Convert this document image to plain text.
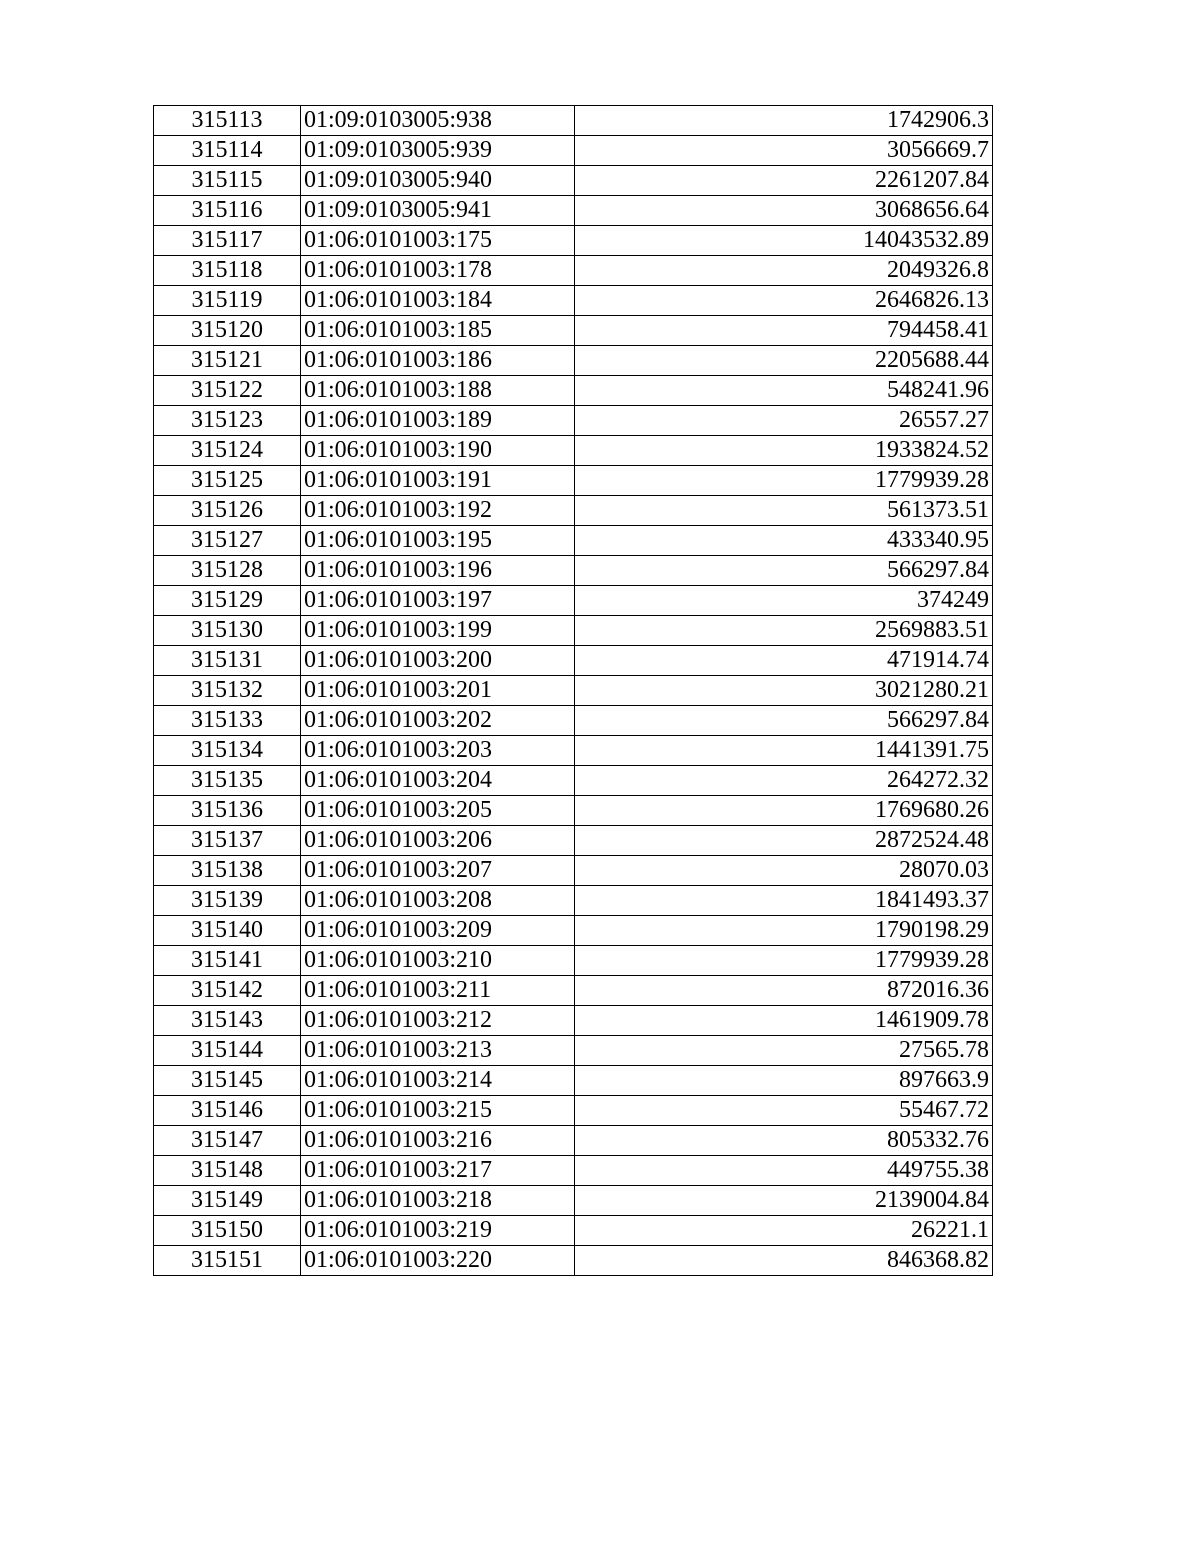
315113	01:09:0103005:938	1742906.3
315114	01:09:0103005:939	3056669.7
315115	01:09:0103005:940	2261207.84
315116	01:09:0103005:941	3068656.64
315117	01:06:0101003:175	14043532.89
315118	01:06:0101003:178	2049326.8
315119	01:06:0101003:184	2646826.13
315120	01:06:0101003:185	794458.41
315121	01:06:0101003:186	2205688.44
315122	01:06:0101003:188	548241.96
315123	01:06:0101003:189	26557.27
315124	01:06:0101003:190	1933824.52
315125	01:06:0101003:191	1779939.28
315126	01:06:0101003:192	561373.51
315127	01:06:0101003:195	433340.95
315128	01:06:0101003:196	566297.84
315129	01:06:0101003:197	374249
315130	01:06:0101003:199	2569883.51
315131	01:06:0101003:200	471914.74
315132	01:06:0101003:201	3021280.21
315133	01:06:0101003:202	566297.84
315134	01:06:0101003:203	1441391.75
315135	01:06:0101003:204	264272.32
315136	01:06:0101003:205	1769680.26
315137	01:06:0101003:206	2872524.48
315138	01:06:0101003:207	28070.03
315139	01:06:0101003:208	1841493.37
315140	01:06:0101003:209	1790198.29
315141	01:06:0101003:210	1779939.28
315142	01:06:0101003:211	872016.36
315143	01:06:0101003:212	1461909.78
315144	01:06:0101003:213	27565.78
315145	01:06:0101003:214	897663.9
315146	01:06:0101003:215	55467.72
315147	01:06:0101003:216	805332.76
315148	01:06:0101003:217	449755.38
315149	01:06:0101003:218	2139004.84
315150	01:06:0101003:219	26221.1
315151	01:06:0101003:220	846368.82
